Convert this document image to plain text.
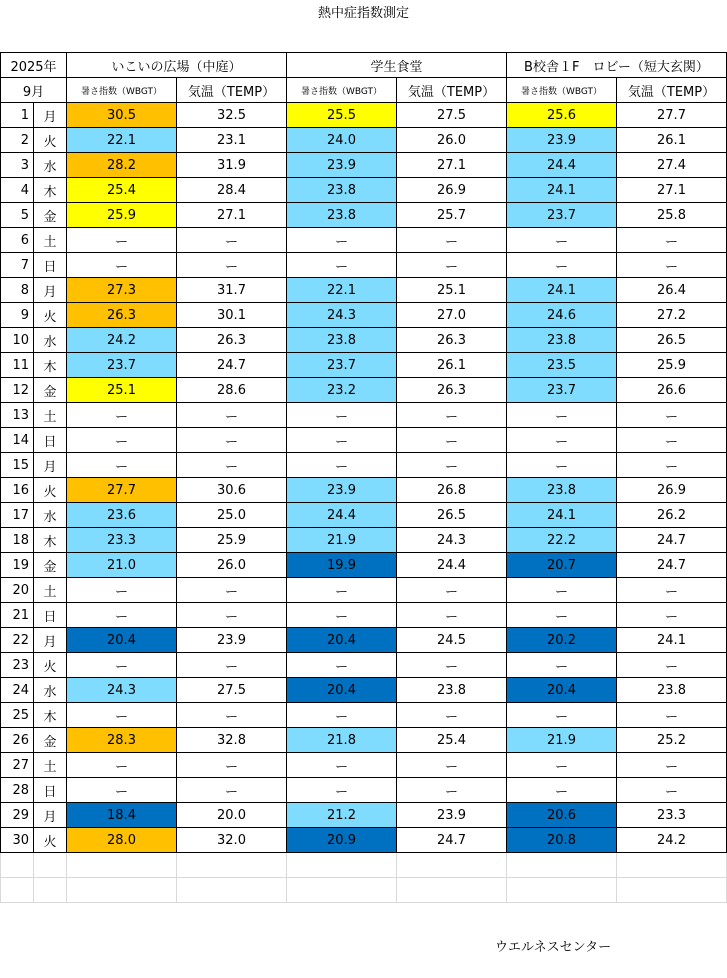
熱中症指数測定
2025年		いこいの広場（中庭）		学生食堂		B校舎１F　ロビー（短大玄関）	
9月		暑さ指数（WBGT）	気温（TEMP）	暑さ指数（WBGT）	気温（TEMP）	暑さ指数（WBGT）	気温（TEMP）
1	月	30.5	32.5	25.5	27.5	25.6	27.7
2	火	22.1	23.1	24.0	26.0	23.9	26.1
3	水	28.2	31.9	23.9	27.1	24.4	27.4
4	木	25.4	28.4	23.8	26.9	24.1	27.1
5	金	25.9	27.1	23.8	25.7	23.7	25.8
6	土	ー	ー	ー	ー	ー	ー
7	日	ー	ー	ー	ー	ー	ー
8	月	27.3	31.7	22.1	25.1	24.1	26.4
9	火	26.3	30.1	24.3	27.0	24.6	27.2
10	水	24.2	26.3	23.8	26.3	23.8	26.5
11	木	23.7	24.7	23.7	26.1	23.5	25.9
12	金	25.1	28.6	23.2	26.3	23.7	26.6
13	土	ー	ー	ー	ー	ー	ー
14	日	ー	ー	ー	ー	ー	ー
15	月	ー	ー	ー	ー	ー	ー
16	火	27.7	30.6	23.9	26.8	23.8	26.9
17	水	23.6	25.0	24.4	26.5	24.1	26.2
18	木	23.3	25.9	21.9	24.3	22.2	24.7
19	金	21.0	26.0	19.9	24.4	20.7	24.7
20	土	ー	ー	ー	ー	ー	ー
21	日	ー	ー	ー	ー	ー	ー
22	月	20.4	23.9	20.4	24.5	20.2	24.1
23	火	ー	ー	ー	ー	ー	ー
24	水	24.3	27.5	20.4	23.8	20.4	23.8
25	木	ー	ー	ー	ー	ー	ー
26	金	28.3	32.8	21.8	25.4	21.9	25.2
27	土	ー	ー	ー	ー	ー	ー
28	日	ー	ー	ー	ー	ー	ー
29	月	18.4	20.0	21.2	23.9	20.6	23.3
30	火	28.0	32.0	20.9	24.7	20.8	24.2

ウエルネスセンター
